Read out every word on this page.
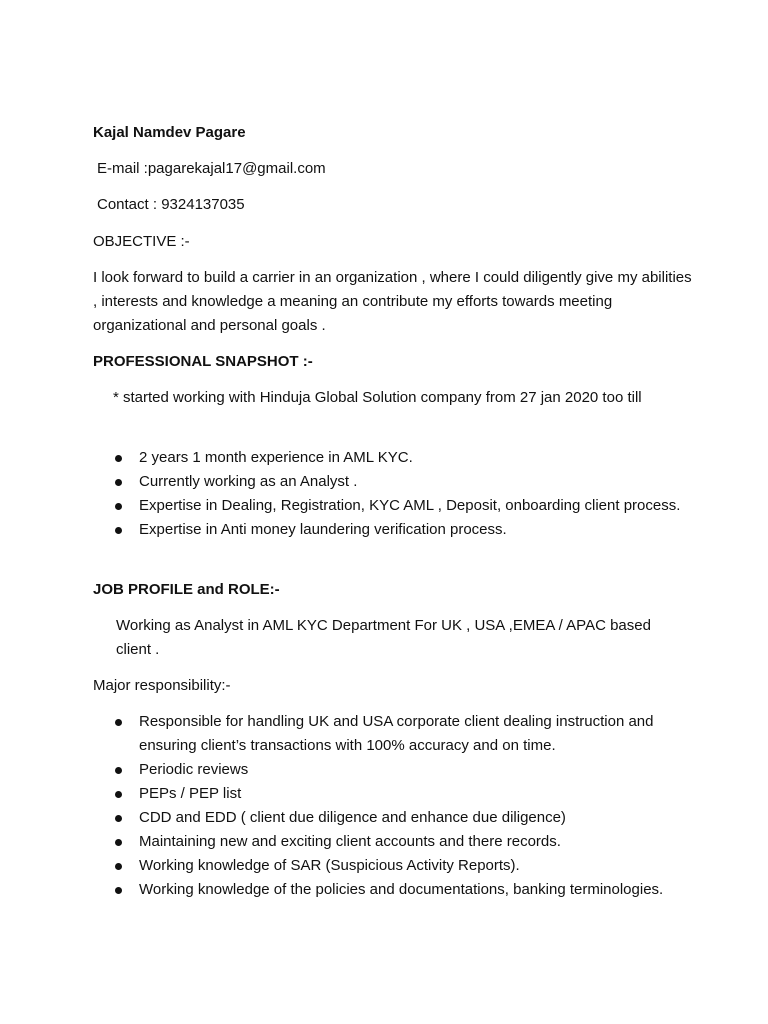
Kajal Namdev Pagare

E-mail :pagarekajal17@gmail.com

Contact : 9324137035

OBJECTIVE :-

I look forward to build a carrier in an organization , where I could diligently give my abilities , interests and knowledge a meaning an contribute my efforts towards meeting organizational and personal goals .

PROFESSIONAL SNAPSHOT :-

* started working with Hinduja Global Solution company from 27 jan 2020 too till

2 years 1 month experience in AML KYC.
Currently working as an Analyst .
Expertise in Dealing, Registration, KYC AML , Deposit, onboarding client process.
Expertise in Anti money laundering verification process.

JOB PROFILE and ROLE:-

Working as Analyst in AML KYC Department For UK , USA ,EMEA / APAC based client .

Major responsibility:-

Responsible for handling UK and USA corporate client dealing instruction and ensuring client’s transactions with 100% accuracy and on time.
Periodic reviews
PEPs / PEP list
CDD and EDD ( client due diligence and enhance due diligence)
Maintaining new and exciting client accounts and there records.
Working knowledge of SAR (Suspicious Activity Reports).
Working knowledge of the policies and documentations, banking terminologies.
